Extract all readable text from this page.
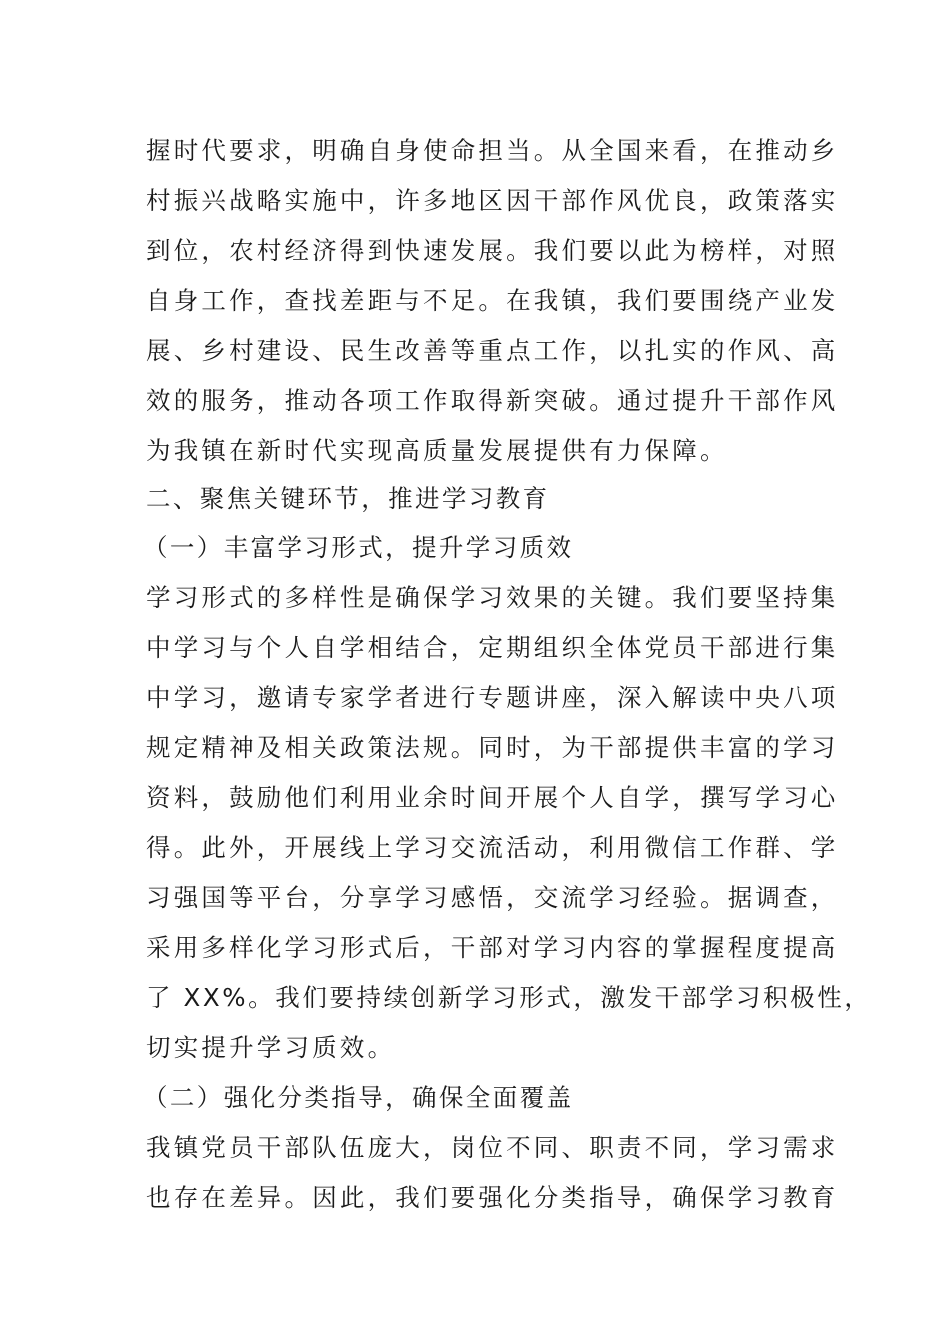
握时代要求，明确自身使命担当。从全国来看，在推动乡
村振兴战略实施中，许多地区因干部作风优良，政策落实
到位，农村经济得到快速发展。我们要以此为榜样，对照
自身工作，查找差距与不足。在我镇，我们要围绕产业发
展、乡村建设、民生改善等重点工作，以扎实的作风、高
效的服务，推动各项工作取得新突破。通过提升干部作风
为我镇在新时代实现高质量发展提供有力保障。
二、聚焦关键环节，推进学习教育
（一）丰富学习形式，提升学习质效
学习形式的多样性是确保学习效果的关键。我们要坚持集
中学习与个人自学相结合，定期组织全体党员干部进行集
中学习，邀请专家学者进行专题讲座，深入解读中央八项
规定精神及相关政策法规。同时，为干部提供丰富的学习
资料，鼓励他们利用业余时间开展个人自学，撰写学习心
得。此外，开展线上学习交流活动，利用微信工作群、学
习强国等平台，分享学习感悟，交流学习经验。据调查，
采用多样化学习形式后，干部对学习内容的掌握程度提高
了 XX%。我们要持续创新学习形式，激发干部学习积极性，
切实提升学习质效。
（二）强化分类指导，确保全面覆盖
我镇党员干部队伍庞大，岗位不同、职责不同，学习需求
也存在差异。因此，我们要强化分类指导，确保学习教育
